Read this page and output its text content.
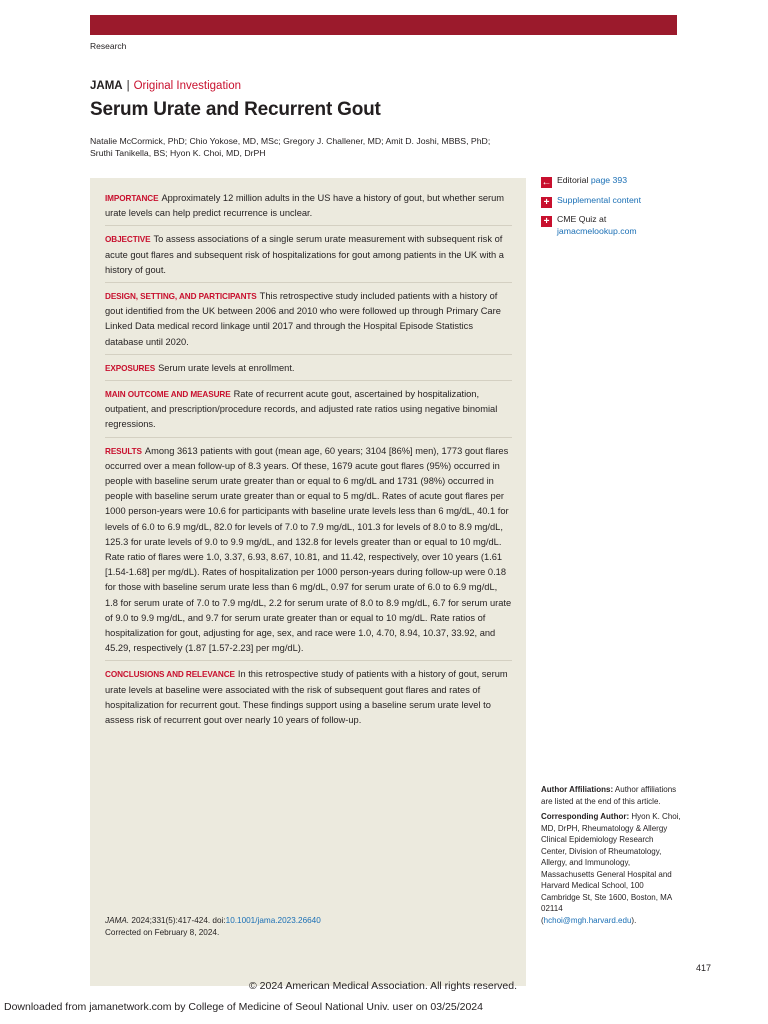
Research
JAMA | Original Investigation
Serum Urate and Recurrent Gout
Natalie McCormick, PhD; Chio Yokose, MD, MSc; Gregory J. Challener, MD; Amit D. Joshi, MBBS, PhD;
Sruthi Tanikella, BS; Hyon K. Choi, MD, DrPH
IMPORTANCE Approximately 12 million adults in the US have a history of gout, but whether serum urate levels can help predict recurrence is unclear.
OBJECTIVE To assess associations of a single serum urate measurement with subsequent risk of acute gout flares and subsequent risk of hospitalizations for gout among patients in the UK with a history of gout.
DESIGN, SETTING, AND PARTICIPANTS This retrospective study included patients with a history of gout identified from the UK between 2006 and 2010 who were followed up through Primary Care Linked Data medical record linkage until 2017 and through the Hospital Episode Statistics database until 2020.
EXPOSURES Serum urate levels at enrollment.
MAIN OUTCOME AND MEASURE Rate of recurrent acute gout, ascertained by hospitalization, outpatient, and prescription/procedure records, and adjusted rate ratios using negative binomial regressions.
RESULTS Among 3613 patients with gout (mean age, 60 years; 3104 [86%] men), 1773 gout flares occurred over a mean follow-up of 8.3 years. Of these, 1679 acute gout flares (95%) occurred in people with baseline serum urate greater than or equal to 6 mg/dL and 1731 (98%) occurred in people with baseline serum urate greater than or equal to 5 mg/dL. Rates of acute gout flares per 1000 person-years were 10.6 for participants with baseline urate levels less than 6 mg/dL, 40.1 for levels of 6.0 to 6.9 mg/dL, 82.0 for levels of 7.0 to 7.9 mg/dL, 101.3 for levels of 8.0 to 8.9 mg/dL, 125.3 for urate levels of 9.0 to 9.9 mg/dL, and 132.8 for levels greater than or equal to 10 mg/dL. Rate ratio of flares were 1.0, 3.37, 6.93, 8.67, 10.81, and 11.42, respectively, over 10 years (1.61 [1.54-1.68] per mg/dL). Rates of hospitalization per 1000 person-years during follow-up were 0.18 for those with baseline serum urate less than 6 mg/dL, 0.97 for serum urate of 6.0 to 6.9 mg/dL, 1.8 for serum urate of 7.0 to 7.9 mg/dL, 2.2 for serum urate of 8.0 to 8.9 mg/dL, 6.7 for serum urate of 9.0 to 9.9 mg/dL, and 9.7 for serum urate greater than or equal to 10 mg/dL. Rate ratios of hospitalization for gout, adjusting for age, sex, and race were 1.0, 4.70, 8.94, 10.37, 33.92, and 45.29, respectively (1.87 [1.57-2.23] per mg/dL).
CONCLUSIONS AND RELEVANCE In this retrospective study of patients with a history of gout, serum urate levels at baseline were associated with the risk of subsequent gout flares and rates of hospitalization for recurrent gout. These findings support using a baseline serum urate level to assess risk of recurrent gout over nearly 10 years of follow-up.
JAMA. 2024;331(5):417-424. doi:10.1001/jama.2023.26640
Corrected on February 8, 2024.
← Editorial page 393
+ Supplemental content
+ CME Quiz at
jamacmelookup.com

Author Affiliations: Author affiliations are listed at the end of this article.

Corresponding Author: Hyon K. Choi, MD, DrPH, Rheumatology & Allergy Clinical Epidemiology Research Center, Division of Rheumatology, Allergy, and Immunology, Massachusetts General Hospital and Harvard Medical School, 100 Cambridge St, Ste 1600, Boston, MA 02114
(hchoi@mgh.harvard.edu).

417
© 2024 American Medical Association. All rights reserved.
Downloaded from jamanetwork.com by College of Medicine of Seoul National Univ. user on 03/25/2024
